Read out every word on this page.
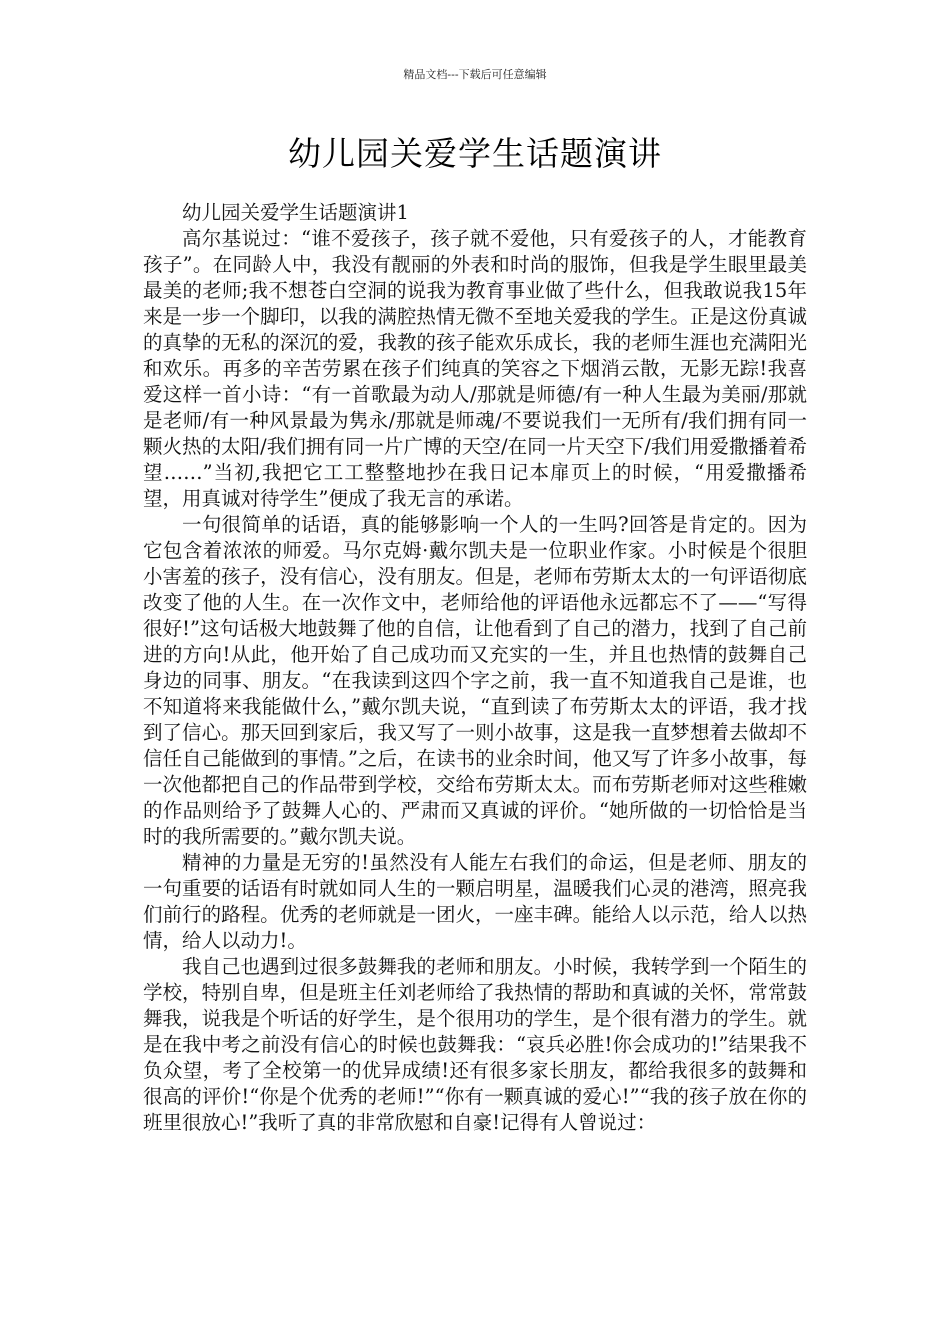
精品文档---下载后可任意编辑
幼儿园关爱学生话题演讲
幼儿园关爱学生话题演讲1

高尔基说过：“谁不爱孩子，孩子就不爱他，只有爱孩子的人，才能教育孩子”。在同龄人中，我没有靓丽的外表和时尚的服饰，但我是学生眼里最美最美的老师;我不想苍白空洞的说我为教育事业做了些什么，但我敢说我15年来是一步一个脚印，以我的满腔热情无微不至地关爱我的学生。正是这份真诚的真挚的无私的深沉的爱，我教的孩子能欢乐成长，我的老师生涯也充满阳光和欢乐。再多的辛苦劳累在孩子们纯真的笑容之下烟消云散，无影无踪!我喜爱这样一首小诗：“有一首歌最为动人/那就是师德/有一种人生最为美丽/那就是老师/有一种风景最为隽永/那就是师魂/不要说我们一无所有/我们拥有同一颗火热的太阳/我们拥有同一片广博的天空/在同一片天空下/我们用爱撒播着希望……”当初,我把它工工整整地抄在我日记本扉页上的时候，“用爱撒播希望，用真诚对待学生”便成了我无言的承诺。

一句很简单的话语，真的能够影响一个人的一生吗?回答是肯定的。因为它包含着浓浓的师爱。马尔克姆·戴尔凯夫是一位职业作家。小时候是个很胆小害羞的孩子，没有信心，没有朋友。但是，老师布劳斯太太的一句评语彻底改变了他的人生。在一次作文中，老师给他的评语他永远都忘不了——“写得很好!”这句话极大地鼓舞了他的自信，让他看到了自己的潜力，找到了自己前进的方向!从此，他开始了自己成功而又充实的一生，并且也热情的鼓舞自己身边的同事、朋友。“在我读到这四个字之前，我一直不知道我自己是谁，也不知道将来我能做什么，”戴尔凯夫说，“直到读了布劳斯太太的评语，我才找到了信心。那天回到家后，我又写了一则小故事，这是我一直梦想着去做却不信任自己能做到的事情。”之后，在读书的业余时间，他又写了许多小故事，每一次他都把自己的作品带到学校，交给布劳斯太太。而布劳斯老师对这些稚嫩的作品则给予了鼓舞人心的、严肃而又真诚的评价。“她所做的一切恰恰是当时的我所需要的。”戴尔凯夫说。

精神的力量是无穷的!虽然没有人能左右我们的命运，但是老师、朋友的一句重要的话语有时就如同人生的一颗启明星，温暖我们心灵的港湾，照亮我们前行的路程。优秀的老师就是一团火，一座丰碑。能给人以示范，给人以热情，给人以动力!。

我自己也遇到过很多鼓舞我的老师和朋友。小时候，我转学到一个陌生的学校，特别自卑，但是班主任刘老师给了我热情的帮助和真诚的关怀，常常鼓舞我，说我是个听话的好学生，是个很用功的学生，是个很有潜力的学生。就是在我中考之前没有信心的时候也鼓舞我：“哀兵必胜!你会成功的!”结果我不负众望，考了全校第一的优异成绩!还有很多家长朋友，都给我很多的鼓舞和很高的评价!“你是个优秀的老师!”“你有一颗真诚的爱心!”“我的孩子放在你的班里很放心!”我听了真的非常欣慰和自豪!记得有人曾说过：
